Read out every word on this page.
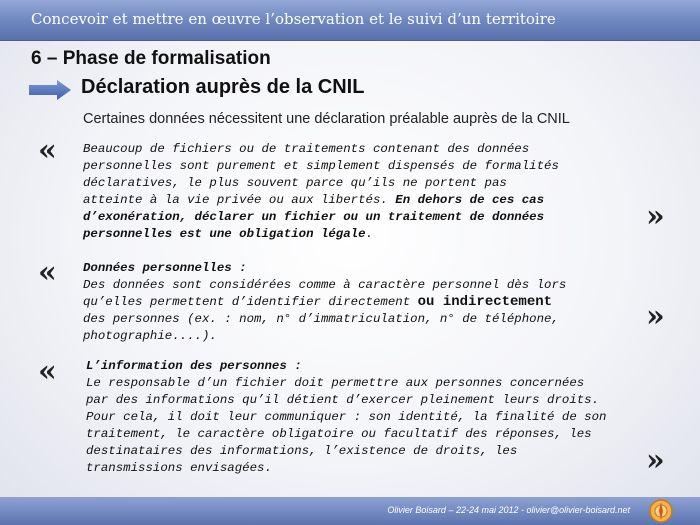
Concevoir et mettre en œuvre l’observation et le suivi d’un territoire
6 – Phase de formalisation
Déclaration auprès de la CNIL
Certaines données nécessitent une déclaration préalable auprès de la CNIL
« Beaucoup de fichiers ou de traitements contenant des données
personnelles sont purement et simplement dispensés de formalités
déclaratives, le plus souvent parce qu’ils ne portent pas
atteinte à la vie privée ou aux libertés. En dehors de ces cas
d’exonération, déclarer un fichier ou un traitement de données
personnelles est une obligation légale.	»
« Données personnelles :
Des données sont considérées comme à caractère personnel dès lors
qu’elles permettent d’identifier directement ou indirectement
des personnes (ex. : nom, n° d’immatriculation, n° de téléphone,
photographie....).
»
« L’information des personnes :
Le responsable d’un fichier doit permettre aux personnes concernées
par des informations qu’il détient d’exercer pleinement leurs droits.
Pour cela, il doit leur communiquer : son identité, la finalité de son
traitement, le caractère obligatoire ou facultatif des réponses, les
destinataires des informations, l’existence de droits, les
transmissions envisagées.	»
Olivier Boisard – 22-24 mai 2012 - olivier@olivier-boisard.net
